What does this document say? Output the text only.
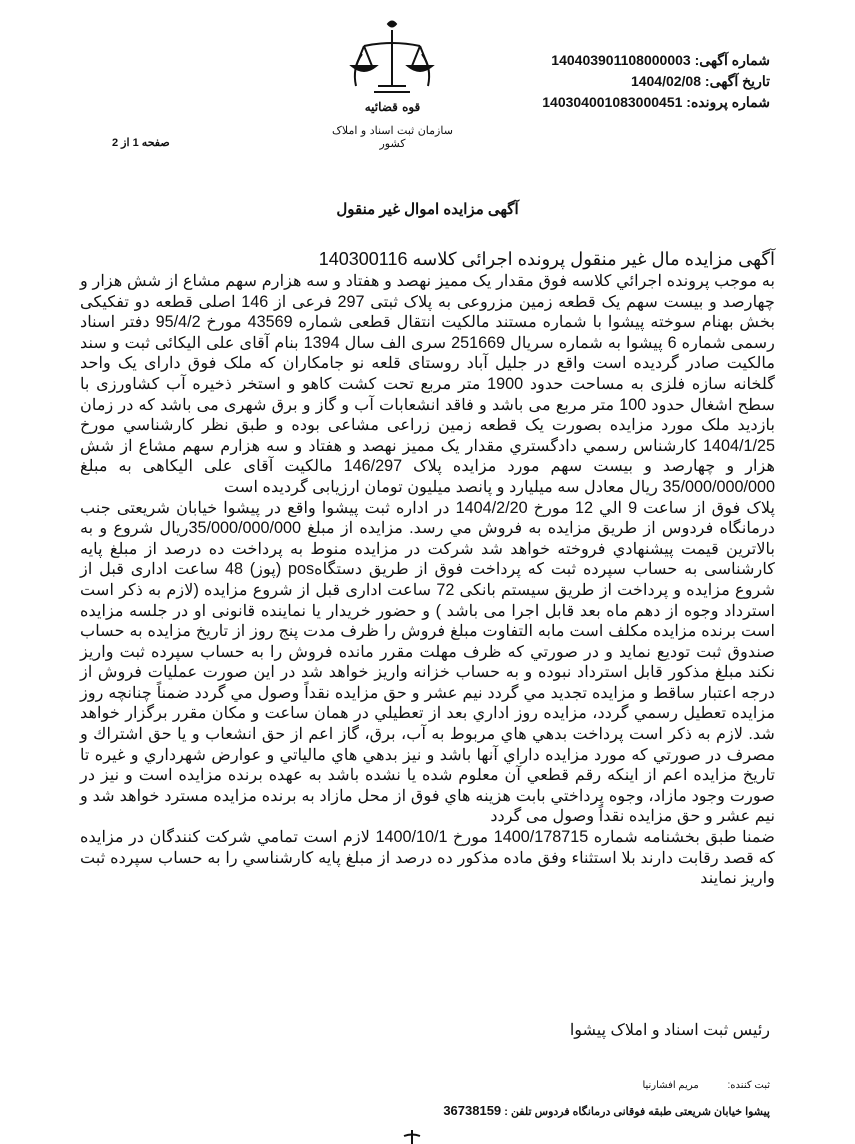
شماره آگهی: 140403901108000003
تاریخ آگهی: 1404/02/08
شماره پرونده: 140304001083000451
قوه قضائیه
سازمان ثبت اسناد و املاک کشور
صفحه 1 از 2
آگهی مزایده اموال غیر منقول

آگهی مزایده مال غیر منقول پرونده اجرائی کلاسه 140300116

به موجب پرونده اجرائي كلاسه فوق مقدار يک مميز نهصد و هفتاد و سه هزارم سهم مشاع از شش هزار و چهارصد و بیست سهم یک قطعه زمین مزروعی به پلاک ثبتی 297 فرعی از 146 اصلی قطعه دو تفکیکی بخش بهنام سوخته پیشوا با شماره مستند مالکیت انتقال قطعی شماره 43569 مورخ 95/4/2 دفتر اسناد رسمی شماره 6 پیشوا به شماره سریال 251669 سری الف سال 1394 بنام آقای علی الیکائی ثبت و سند مالکیت صادر گردیده است واقع در جلیل آباد روستای قلعه نو جامکاران که ملک فوق دارای یک واحد گلخانه سازه فلزی به مساحت حدود 1900 متر مربع تحت کشت کاهو و استخر ذخیره آب کشاورزی با سطح اشغال حدود 100 متر مربع می باشد و فاقد انشعابات آب و گاز و برق شهری می باشد که در زمان بازدید ملک مورد مزایده بصورت یک قطعه زمین زراعی مشاعی بوده و طبق نظر كارشناسي مورخ 1404/1/25 کارشناس رسمي دادگستري مقدار يک مميز نهصد و هفتاد و سه هزارم سهم مشاع از شش هزار و چهارصد و بیست سهم مورد مزایده پلاک 146/297 مالکیت آقای علی الیکاهی به مبلغ 35/000/000/000 ریال معادل سه میلیارد و پانصد میلیون تومان ارزیابی گردیده است

پلاک فوق از ساعت 9 الي 12 مورخ 1404/2/20 در اداره ثبت پیشوا واقع در پیشوا خیابان شریعتی جنب درمانگاه فردوس از طريق مزايده به فروش مي رسد. مزايده از مبلغ 35/000/000/000ريال شروع و به بالاترين قيمت پيشنهادي فروخته خواهد شد شرکت در مزايده منوط به پرداخت ده درصد از مبلغ پایه کارشناسی به حساب سپرده ثبت که پرداخت فوق از طريق دستگاهpos (پوز) 48 ساعت اداری قبل از شروع مزایده و پرداخت از طريق سيستم بانکی 72 ساعت اداری قبل از شروع مزایده (لازم به ذکر است استرداد وجوه از دهم ماه بعد قابل اجرا می باشد ) و حضور خريدار يا نماينده قانونی او در جلسه مزايده است برنده مزايده مكلف است مابه التفاوت مبلغ فروش را ظرف مدت پنج روز از تاريخ مزايده به حساب صندوق ثبت توديع نمايد و در صورتي كه ظرف مهلت مقرر مانده فروش را به حساب سپرده ثبت واريز نكند مبلغ مذکور قابل استرداد نبوده و به حساب خزانه واريز خواهد شد در اين صورت عمليات فروش از درجه اعتبار ساقط و مزايده تجديد مي گردد نيم عشر و حق مزايده نقداً وصول مي گردد ضمناً چنانچه روز مزايده تعطيل رسمي گردد، مزايده روز اداري بعد از تعطيلي در همان ساعت و مكان مقرر برگزار خواهد شد. لازم به ذكر است پرداخت بدهي هاي مربوط به آب، برق، گاز اعم از حق انشعاب و يا حق اشتراك و مصرف در صورتي كه مورد مزايده داراي آنها باشد و نيز بدهي هاي مالياتي و عوارض شهرداري و غيره تا تاريخ مزايده اعم از اينكه رقم قطعي آن معلوم شده يا نشده باشد به عهده برنده مزايده است و نيز در صورت وجود مازاد، وجوه پرداختي بابت هزينه هاي فوق از محل مازاد به برنده مزايده مسترد خواهد شد و نیم عشر و حق مزایده نقداً وصول می گردد

ضمنا طبق بخشنامه شماره 1400/178715 مورخ 1400/10/1 لازم است تمامي شرکت کنندگان در مزايده که قصد رقابت دارند بلا استثناء وفق ماده مذکور ده درصد از مبلغ پايه کارشناسي را به حساب سپرده ثبت واريز نمايند

رئيس ثبت اسناد و املاک پيشوا
ثبت کننده: مریم افشارنیا
پیشوا خیابان شریعتی طبقه فوقانی درمانگاه فردوس تلفن : 36738159
